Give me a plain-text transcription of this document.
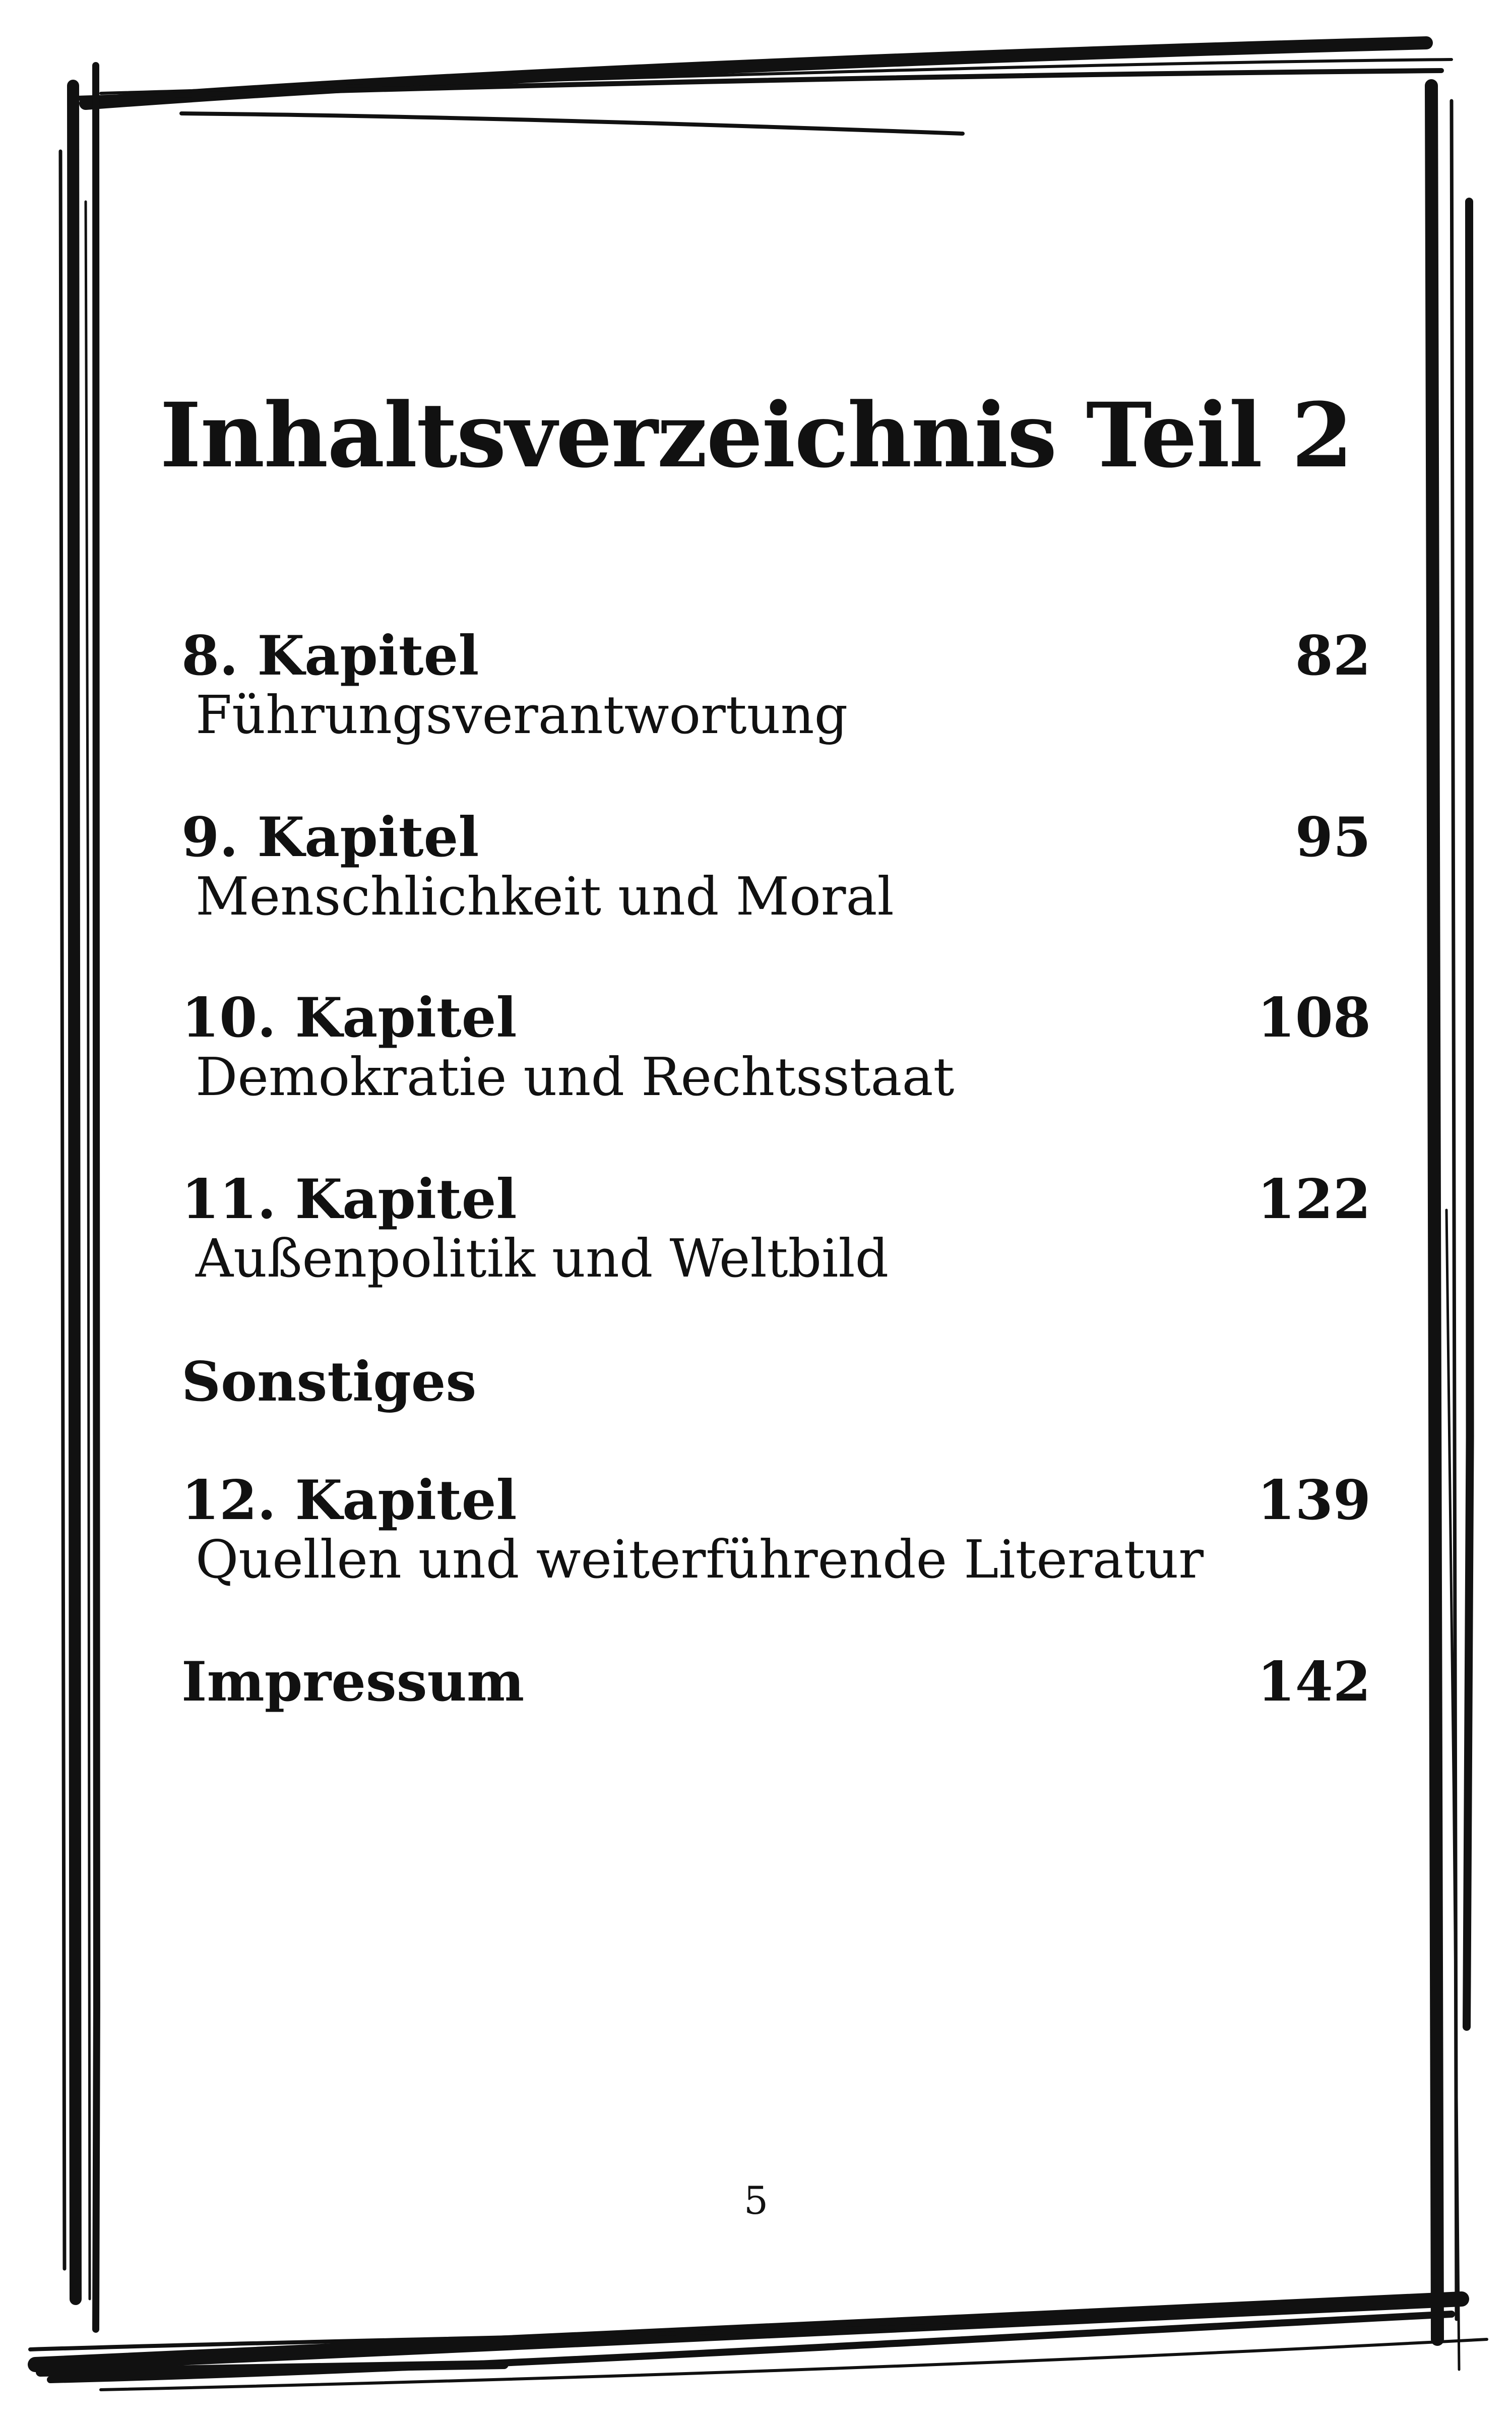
Inhaltsverzeichnis Teil 2
8. Kapitel	82
Führungsverantwortung
9. Kapitel	95
Menschlichkeit und Moral
10. Kapitel	108
Demokratie und Rechtsstaat
11. Kapitel	122
Außenpolitik und Weltbild
Sonstiges
12. Kapitel	139
Quellen und weiterführende Literatur
Impressum	142
5
